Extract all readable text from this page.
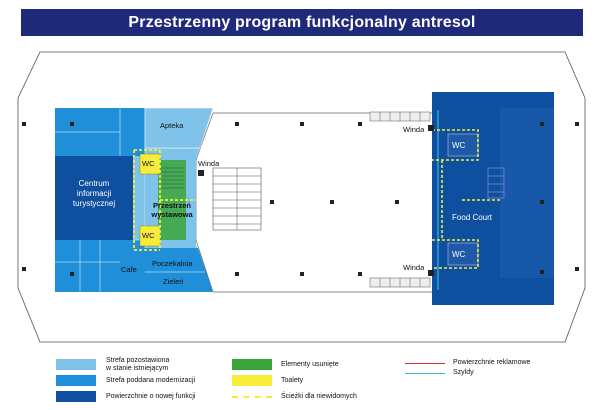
Przestrzenny program funkcjonalny antresol
Apteka
WC
WC
Winda
Winda
Winda
Centrum
informacji
turystycznej	Przestrzeń
wystawowa
Cafe
Poczekalnia
Zieleń
WC
WC
Food Court
Strefa pozostawiona
w stanie istniejącym
Strefa poddana modernizacji
Powierzchnie o nowej funkcji
Elementy usunięte
Toalety
Ścieżki dla niewidomych
Powierzchnie reklamowe
Szyldy
